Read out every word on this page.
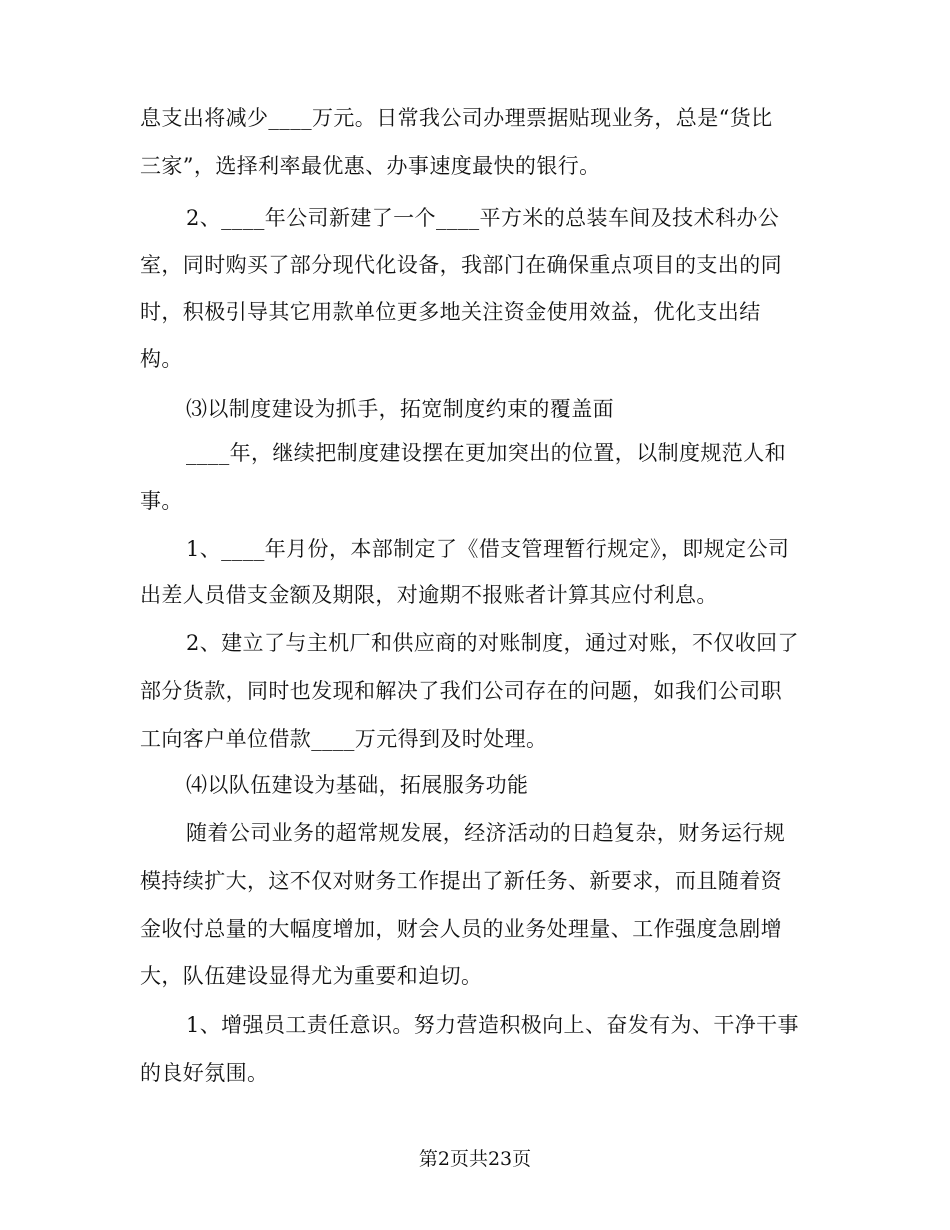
息支出将减少____万元。日常我公司办理票据贴现业务，总是“货比
三家”，选择利率最优惠、办事速度最快的银行。
2、____年公司新建了一个____平方米的总装车间及技术科办公
室，同时购买了部分现代化设备，我部门在确保重点项目的支出的同
时，积极引导其它用款单位更多地关注资金使用效益，优化支出结
构。
⑶以制度建设为抓手，拓宽制度约束的覆盖面
____年，继续把制度建设摆在更加突出的位置，以制度规范人和
事。
1、____年月份，本部制定了《借支管理暂行规定》，即规定公司
出差人员借支金额及期限，对逾期不报账者计算其应付利息。
2、建立了与主机厂和供应商的对账制度，通过对账，不仅收回了
部分货款，同时也发现和解决了我们公司存在的问题，如我们公司职
工向客户单位借款____万元得到及时处理。
⑷以队伍建设为基础，拓展服务功能
随着公司业务的超常规发展，经济活动的日趋复杂，财务运行规
模持续扩大，这不仅对财务工作提出了新任务、新要求，而且随着资
金收付总量的大幅度增加，财会人员的业务处理量、工作强度急剧增
大，队伍建设显得尤为重要和迫切。
1、增强员工责任意识。努力营造积极向上、奋发有为、干净干事
的良好氛围。
第2页共23页
